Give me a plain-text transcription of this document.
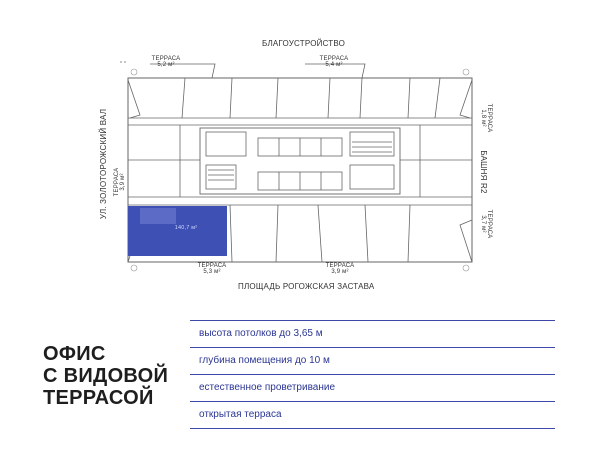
БЛАГОУСТРОЙСТВО
ПЛОЩАДЬ РОГОЖСКАЯ ЗАСТАВА
УЛ. ЗОЛОТОРОЖСКИЙ ВАЛ	БАШНЯ R2
ТЕРРАСА
5,2 м²
ТЕРРАСА
5,4 м²
ТЕРРАСА
1,8 м²
ТЕРРАСА
3,7 м²
ТЕРРАСА 3,9 м²
ТЕРРАСА
5,3 м²
ТЕРРАСА
3,9 м²
140,7 м²
ОФИС
С ВИДОВОЙ
ТЕРРАСОЙ
высота потолков до 3,65 м
глубина помещения до 10 м
естественное проветривание
открытая терраса
